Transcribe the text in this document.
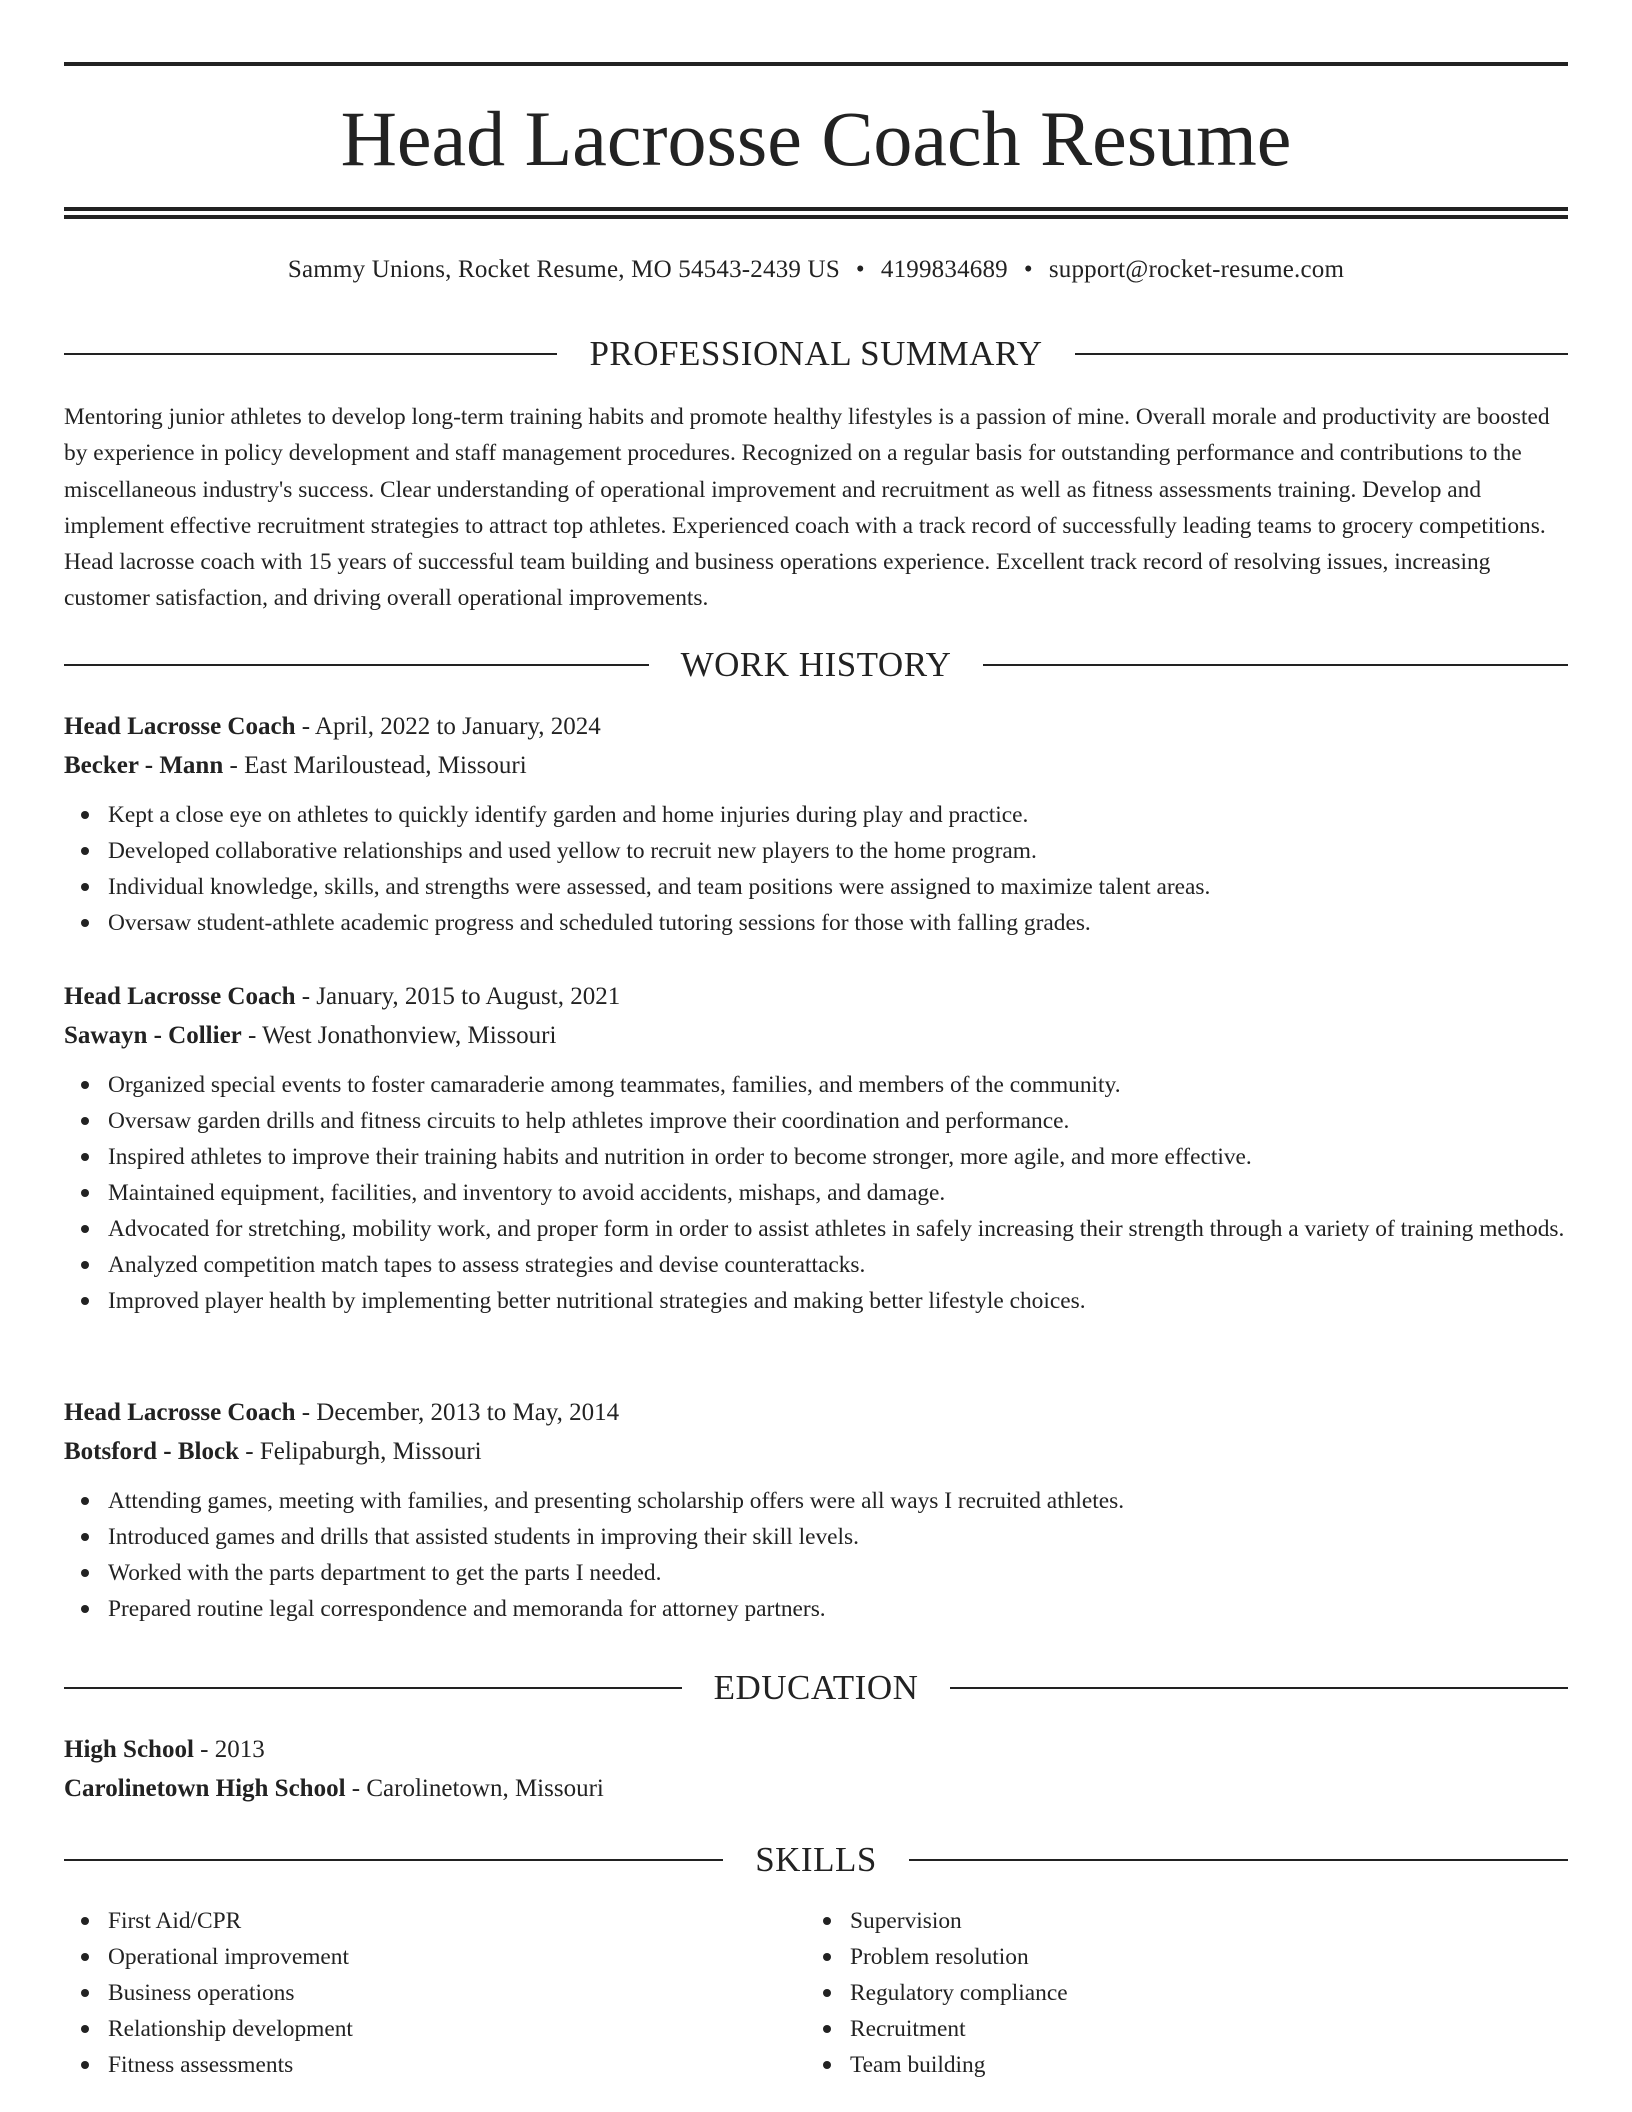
Head Lacrosse Coach Resume
Sammy Unions, Rocket Resume, MO 54543-2439 US • 4199834689 • support@rocket-resume.com
PROFESSIONAL SUMMARY

Mentoring junior athletes to develop long-term training habits and promote healthy lifestyles is a passion of mine. Overall morale and productivity are boosted by experience in policy development and staff management procedures. Recognized on a regular basis for outstanding performance and contributions to the miscellaneous industry's success. Clear understanding of operational improvement and recruitment as well as fitness assessments training. Develop and implement effective recruitment strategies to attract top athletes. Experienced coach with a track record of successfully leading teams to grocery competitions. Head lacrosse coach with 15 years of successful team building and business operations experience. Excellent track record of resolving issues, increasing customer satisfaction, and driving overall operational improvements.

WORK HISTORY
Head Lacrosse Coach - April, 2022 to January, 2024
Becker - Mann - East Mariloustead, Missouri
Kept a close eye on athletes to quickly identify garden and home injuries during play and practice.
Developed collaborative relationships and used yellow to recruit new players to the home program.
Individual knowledge, skills, and strengths were assessed, and team positions were assigned to maximize talent areas.
Oversaw student-athlete academic progress and scheduled tutoring sessions for those with falling grades.
Head Lacrosse Coach - January, 2015 to August, 2021
Sawayn - Collier - West Jonathonview, Missouri
Organized special events to foster camaraderie among teammates, families, and members of the community.
Oversaw garden drills and fitness circuits to help athletes improve their coordination and performance.
Inspired athletes to improve their training habits and nutrition in order to become stronger, more agile, and more effective.
Maintained equipment, facilities, and inventory to avoid accidents, mishaps, and damage.
Advocated for stretching, mobility work, and proper form in order to assist athletes in safely increasing their strength through a variety of training methods.
Analyzed competition match tapes to assess strategies and devise counterattacks.
Improved player health by implementing better nutritional strategies and making better lifestyle choices.
Head Lacrosse Coach - December, 2013 to May, 2014
Botsford - Block - Felipaburgh, Missouri
Attending games, meeting with families, and presenting scholarship offers were all ways I recruited athletes.
Introduced games and drills that assisted students in improving their skill levels.
Worked with the parts department to get the parts I needed.
Prepared routine legal correspondence and memoranda for attorney partners.
EDUCATION
High School - 2013
Carolinetown High School - Carolinetown, Missouri
SKILLS
First Aid/CPR
Operational improvement
Business operations
Relationship development
Fitness assessments
Supervision
Problem resolution
Regulatory compliance
Recruitment
Team building
